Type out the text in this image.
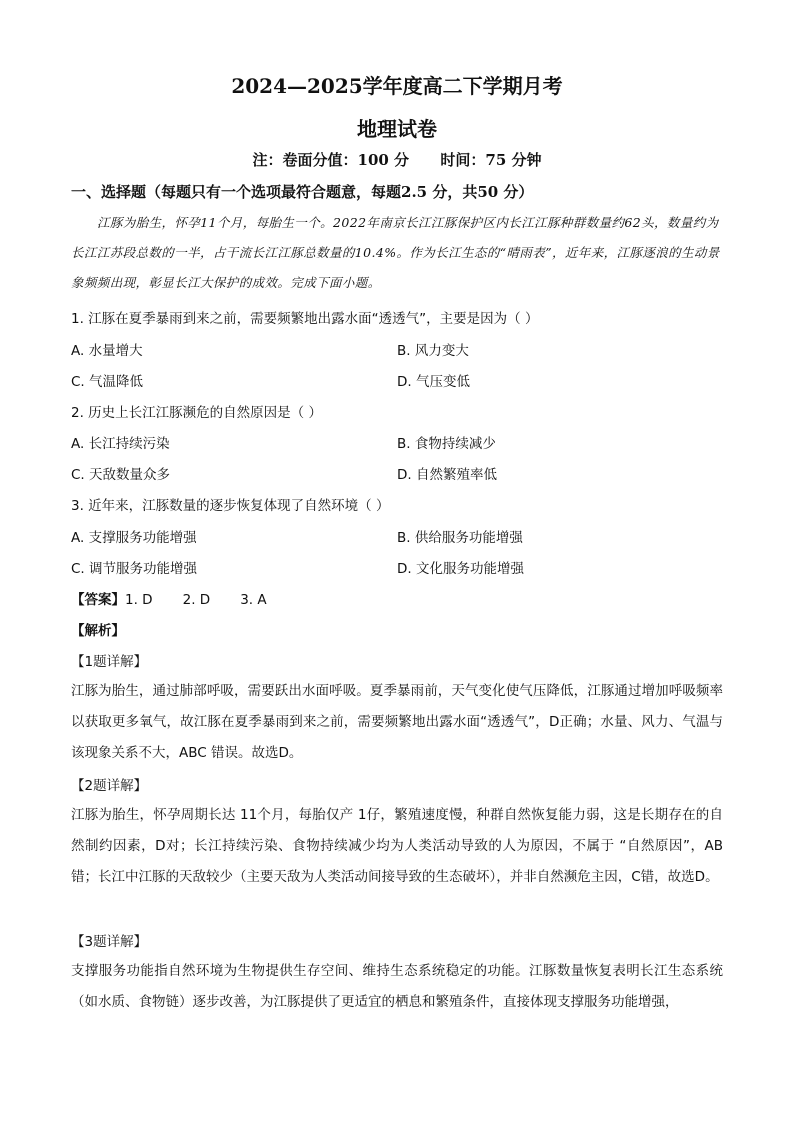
2024—2025学年度高二下学期月考
地理试卷
注：卷面分值：100 分      时间：75 分钟
一、选择题（每题只有一个选项最符合题意，每题2.5 分，共50 分）
江豚为胎生，怀孕11个月，每胎生一个。2022年南京长江江豚保护区内长江江豚种群数量约62头，数量约为长江江苏段总数的一半，占干流长江江豚总数量的10.4%。作为长江生态的“晴雨表”，近年来，江豚逐浪的生动景象频频出现，彰显长江大保护的成效。完成下面小题。
1. 江豚在夏季暴雨到来之前，需要频繁地出露水面“透透气”，主要是因为（ ）
A. 水量增大	B. 风力变大
C. 气温降低	D. 气压变低
2. 历史上长江江豚濒危的自然原因是（ ）
A. 长江持续污染	B. 食物持续减少
C. 天敌数量众多	D. 自然繁殖率低
3. 近年来，江豚数量的逐步恢复体现了自然环境（ ）
A. 支撑服务功能增强	B. 供给服务功能增强
C. 调节服务功能增强	D. 文化服务功能增强
【答案】1. D       2. D       3. A
【解析】
【1题详解】
江豚为胎生，通过肺部呼吸，需要跃出水面呼吸。夏季暴雨前，天气变化使气压降低，江豚通过增加呼吸频率以获取更多氧气，故江豚在夏季暴雨到来之前，需要频繁地出露水面“透透气”，D正确；水量、风力、气温与该现象关系不大，ABC 错误。故选D。
【2题详解】
江豚为胎生，怀孕周期长达 11个月，每胎仅产 1仔，繁殖速度慢，种群自然恢复能力弱，这是长期存在的自然制约因素，D对；长江持续污染、食物持续减少均为人类活动导致的人为原因，不属于 “自然原因”，AB 错；长江中江豚的天敌较少（主要天敌为人类活动间接导致的生态破坏），并非自然濒危主因，C错，故选D。
【3题详解】
支撑服务功能指自然环境为生物提供生存空间、维持生态系统稳定的功能。江豚数量恢复表明长江生态系统（如水质、食物链）逐步改善，为江豚提供了更适宜的栖息和繁殖条件，直接体现支撑服务功能增强，
